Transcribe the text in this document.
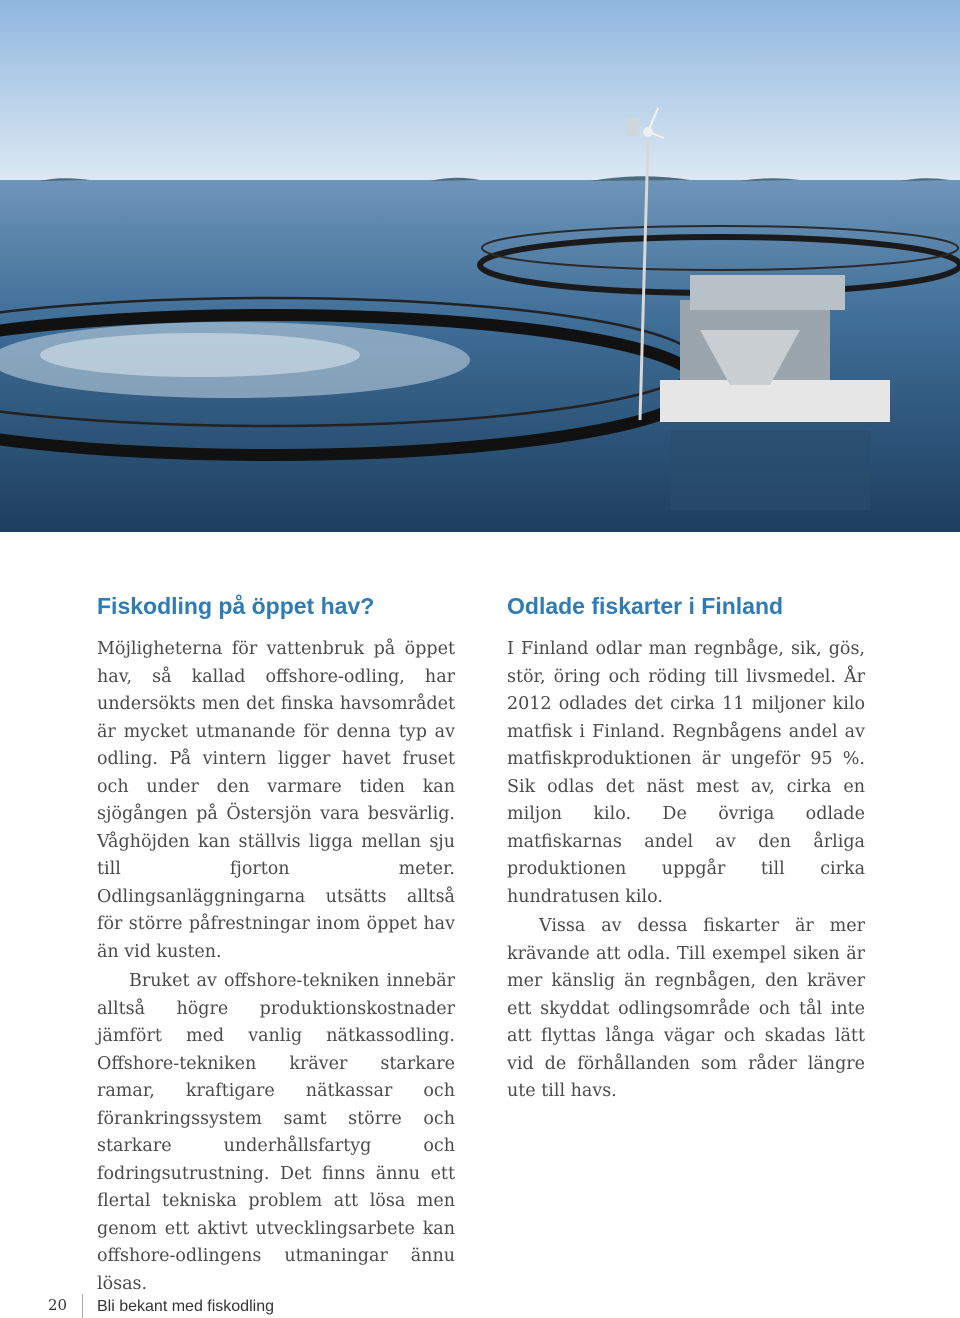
Fiskodling på öppet hav?

Möjligheterna för vattenbruk på öppet hav, så kallad offshore-odling, har undersökts men det finska havsområdet är mycket utmanande för denna typ av odling. På vintern ligger havet fruset och under den varmare tiden kan sjögången på Östersjön vara besvärlig. Våghöjden kan ställvis ligga mellan sju till fjorton meter. Odlingsanläggningarna utsätts alltså för större påfrestningar inom öppet hav än vid kusten.

Bruket av offshore-tekniken innebär alltså högre produktionskostnader jämfört med vanlig nätkassodling. Offshore-tekniken kräver starkare ramar, kraftigare nätkassar och förankringssystem samt större och starkare underhållsfartyg och fodringsutrustning. Det finns ännu ett flertal tekniska problem att lösa men genom ett aktivt utvecklingsarbete kan offshore-odlingens utmaningar ännu lösas.

Odlade fiskarter i Finland

I Finland odlar man regnbåge, sik, gös, stör, öring och röding till livsmedel. År 2012 odlades det cirka 11 miljoner kilo matfisk i Finland. Regnbågens andel av matfiskproduktionen är ungeför 95 %. Sik odlas det näst mest av, cirka en miljon kilo. De övriga odlade matfiskarnas andel av den årliga produktionen uppgår till cirka hundratusen kilo.

Vissa av dessa fiskarter är mer krävande att odla. Till exempel siken är mer känslig än regnbågen, den kräver ett skyddat odlingsområde och tål inte att flyttas långa vägar och skadas lätt vid de förhållanden som råder längre ute till havs.

20 Bli bekant med fiskodling
